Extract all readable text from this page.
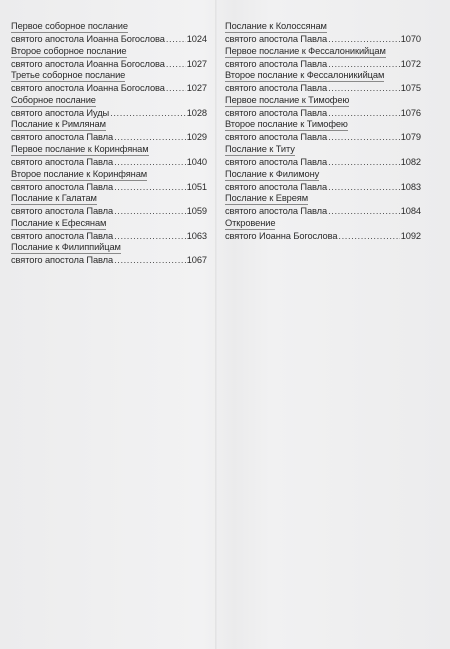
Первое соборное послание
святого апостола Иоанна Богослова ..... 1024
Второе соборное послание
святого апостола Иоанна Богослова ..... 1027
Третье соборное послание
святого апостола Иоанна Богослова ..... 1027
Соборное послание
святого апостола Иуды .....	1028
Послание к Римлянам
святого апостола Павла .....	1029
Первое послание к Коринфянам
святого апостола Павла .....	1040
Второе послание к Коринфянам
святого апостола Павла .....	1051
Послание к Галатам
святого апостола Павла .....	1059
Послание к Ефесянам
святого апостола Павла .....	1063
Послание к Филиппийцам
святого апостола Павла .....	1067
Послание к Колоссянам
святого апостола Павла .....	1070
Первое послание к Фессалоникийцам
святого апостола Павла .....	1072
Второе послание к Фессалоникийцам
святого апостола Павла .....	1075
Первое послание к Тимофею
святого апостола Павла .....	1076
Второе послание к Тимофею
святого апостола Павла .....	1079
Послание к Титу
святого апостола Павла .....	1082
Послание к Филимону
святого апостола Павла .....	1083
Послание к Евреям
святого апостола Павла .....	1084
Откровение
святого Иоанна Богослова .....	1092
